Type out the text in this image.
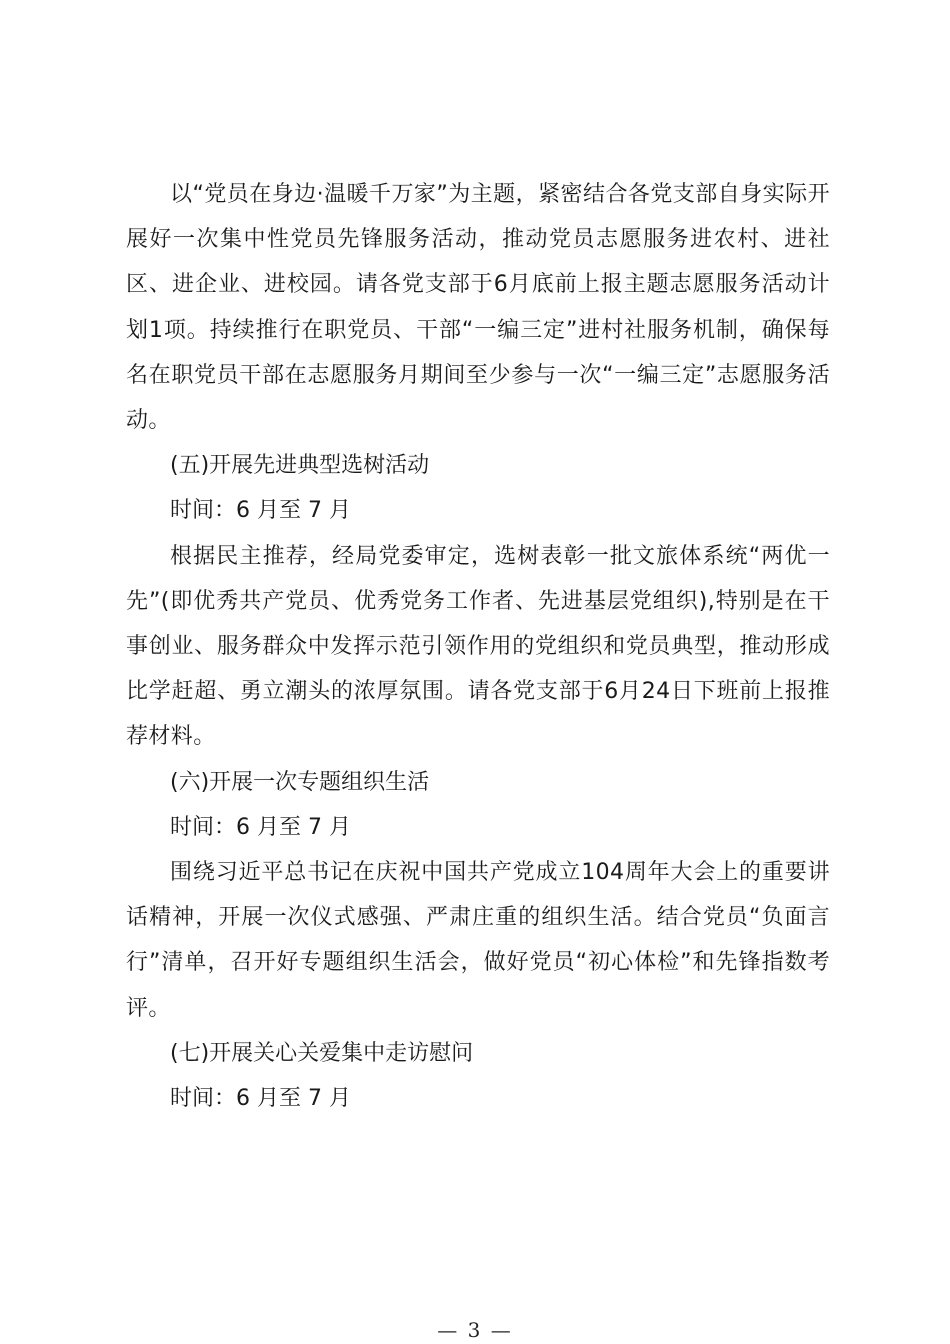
以“党员在身边·温暖千万家”为主题，紧密结合各党支部自身实际开展好一次集中性党员先锋服务活动，推动党员志愿服务进农村、进社区、进企业、进校园。请各党支部于6月底前上报主题志愿服务活动计划1项。持续推行在职党员、干部“一编三定”进村社服务机制，确保每名在职党员干部在志愿服务月期间至少参与一次“一编三定”志愿服务活动。

(五)开展先进典型选树活动

时间：6 月至 7 月

根据民主推荐，经局党委审定，选树表彰一批文旅体系统“两优一先”(即优秀共产党员、优秀党务工作者、先进基层党组织),特别是在干事创业、服务群众中发挥示范引领作用的党组织和党员典型，推动形成比学赶超、勇立潮头的浓厚氛围。请各党支部于6月24日下班前上报推荐材料。

(六)开展一次专题组织生活

时间：6 月至 7 月

围绕习近平总书记在庆祝中国共产党成立104周年大会上的重要讲话精神，开展一次仪式感强、严肃庄重的组织生活。结合党员“负面言行”清单，召开好专题组织生活会，做好党员“初心体检”和先锋指数考评。

(七)开展关心关爱集中走访慰问

时间：6 月至 7 月

— 3 —
